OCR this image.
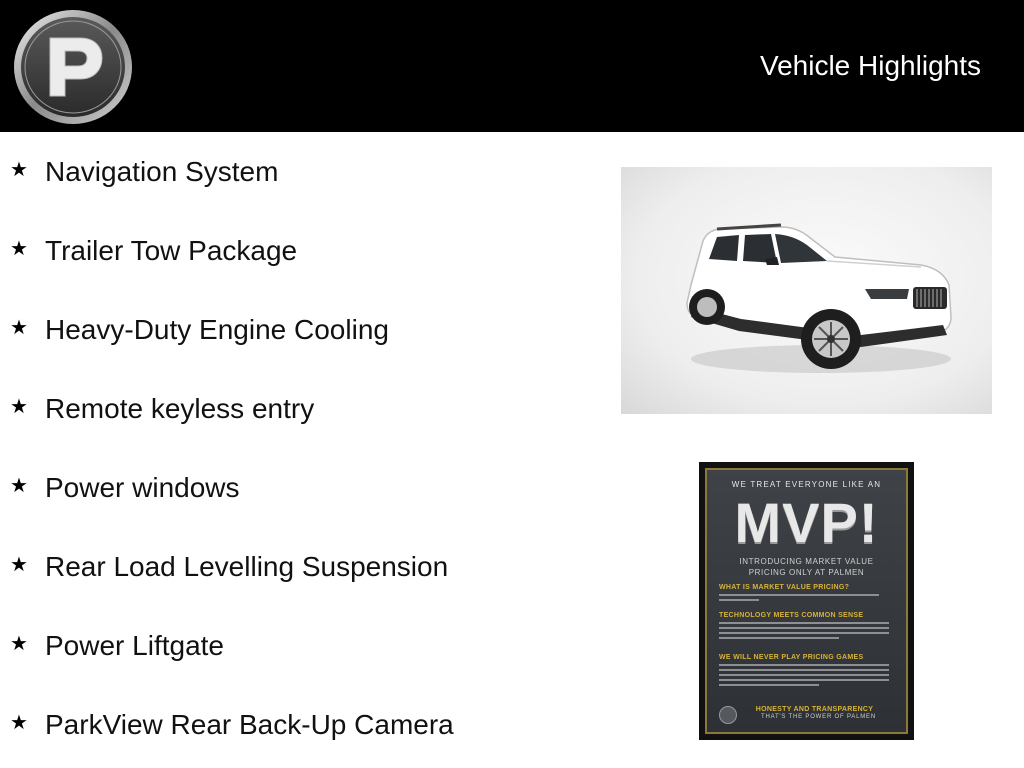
Vehicle Highlights
★ Navigation System
★ Trailer Tow Package
★ Heavy-Duty Engine Cooling
★ Remote keyless entry
★ Power windows
★ Rear Load Levelling Suspension
★ Power Liftgate
★ ParkView Rear Back-Up Camera
WE TREAT EVERYONE LIKE AN
MVP!
INTRODUCING MARKET VALUE
PRICING ONLY AT PALMEN
WHAT IS MARKET VALUE PRICING?
TECHNOLOGY MEETS COMMON SENSE
WE WILL NEVER PLAY PRICING GAMES
HONESTY AND TRANSPARENCY
THAT'S THE POWER OF PALMEN
